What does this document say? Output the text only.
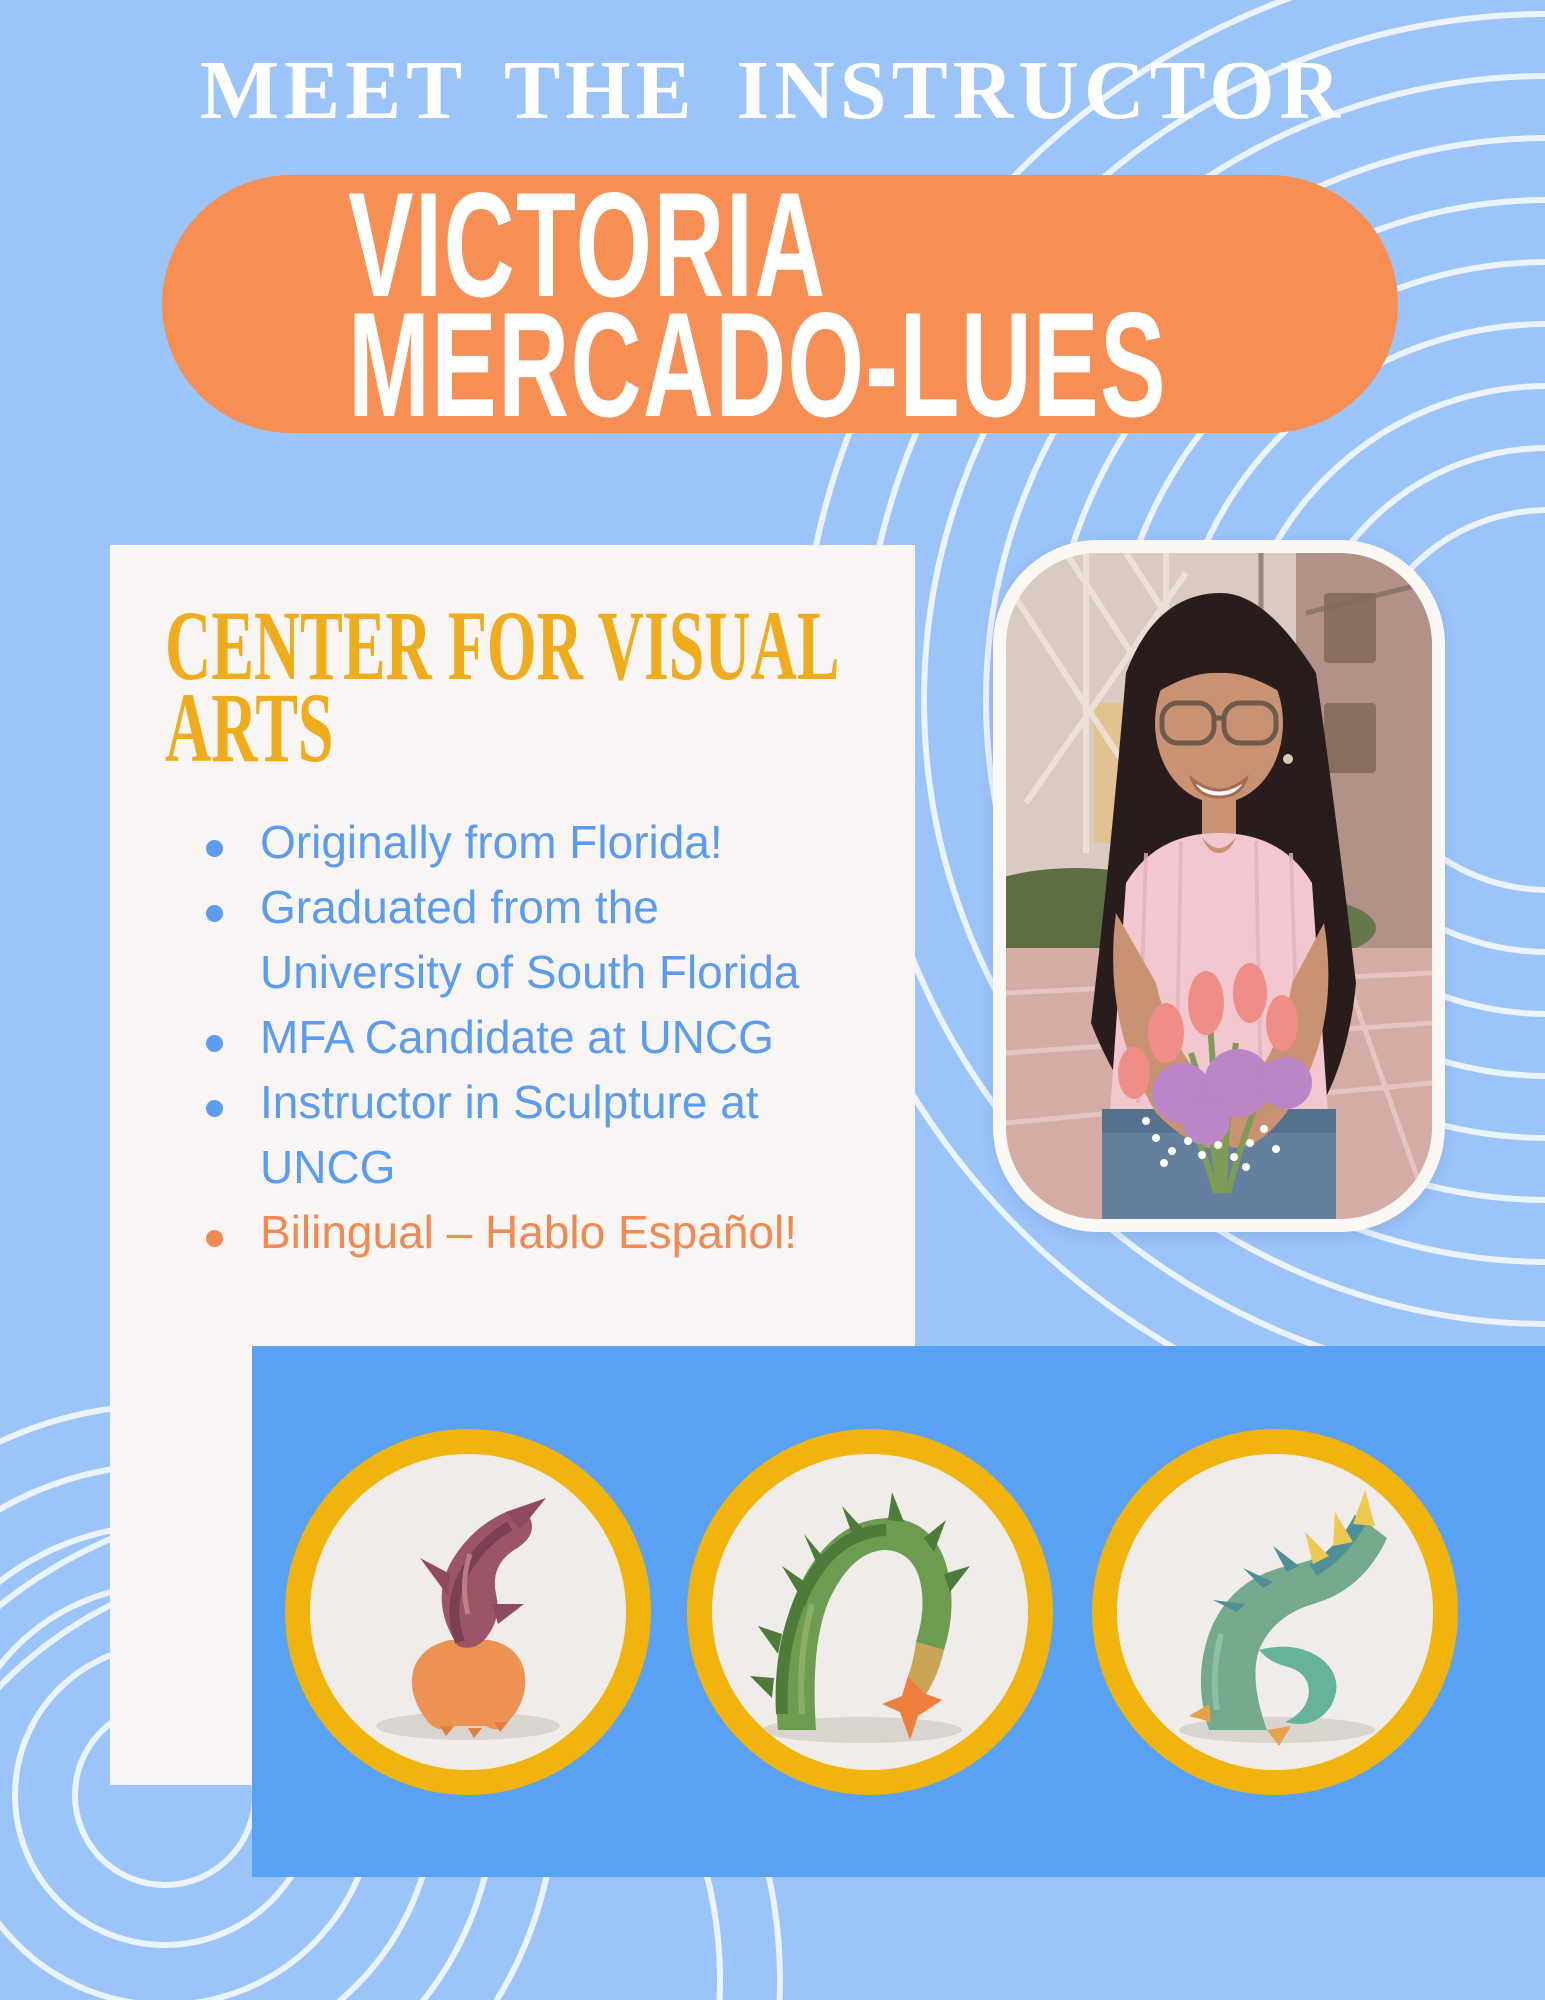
MEET THE INSTRUCTOR
VICTORIA
MERCADO-LUES
CENTER FOR VISUAL
ARTS
Originally from Florida!
Graduated from the University of South Florida
MFA Candidate at UNCG
Instructor in Sculpture at UNCG
Bilingual – Hablo Español!
